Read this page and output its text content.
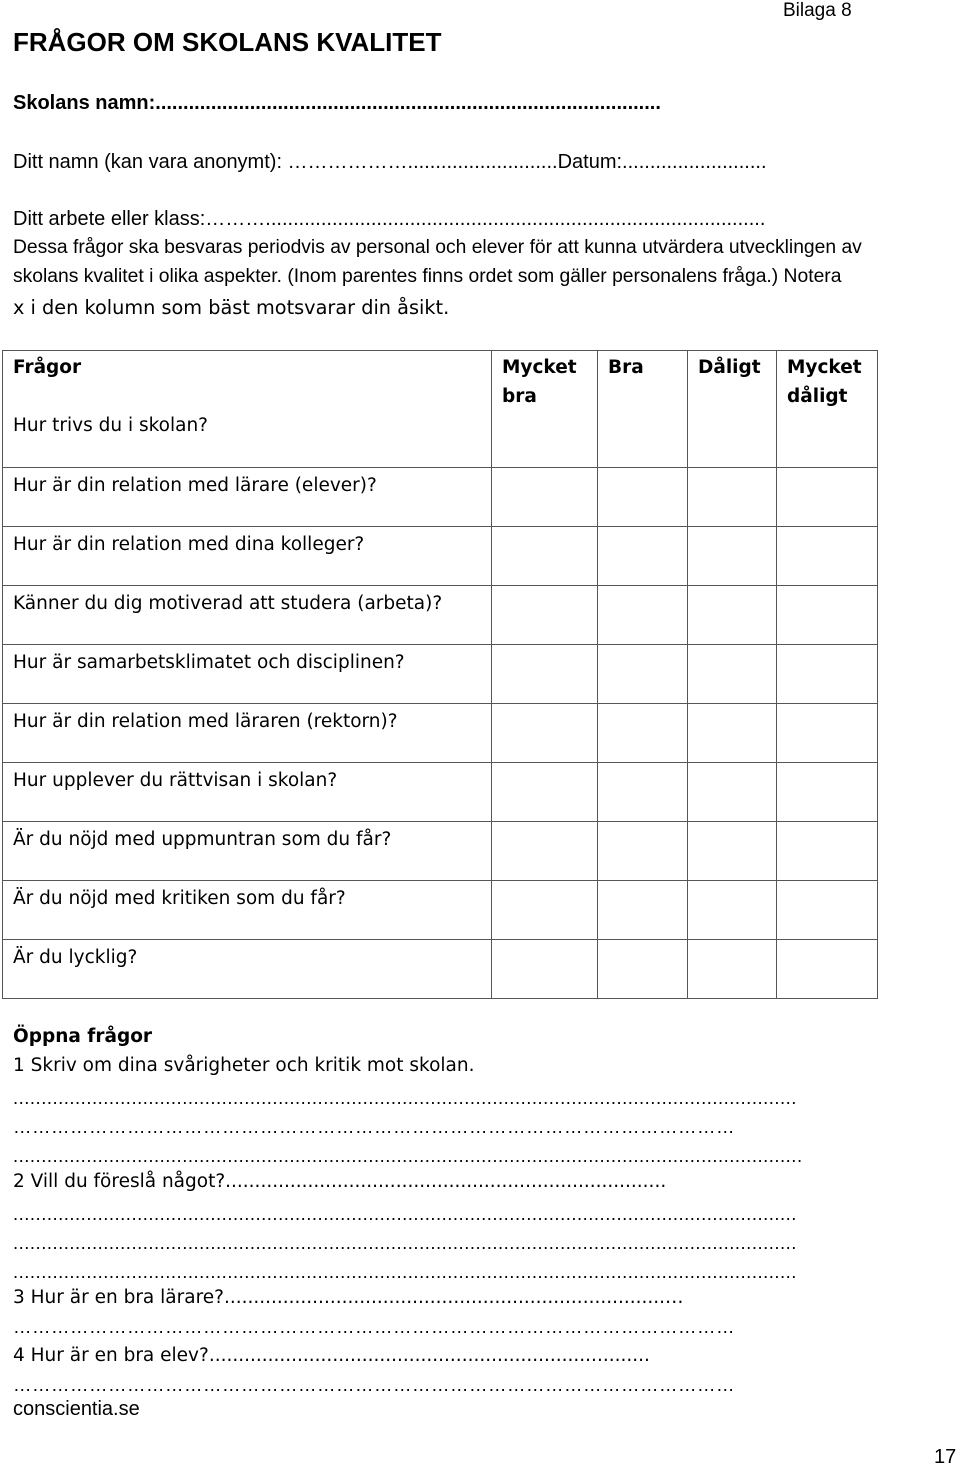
Bilaga 8
FRÅGOR OM SKOLANS KVALITET
Skolans namn:...........................................................................................
Ditt namn (kan vara anonymt): ………………...........................Datum:..........................
Ditt arbete eller klass:………..........................................................................................
Dessa frågor ska besvaras periodvis av personal och elever för att kunna utvärdera utvecklingen av
skolans kvalitet i olika aspekter. (Inom parentes finns ordet som gäller personalens fråga.) Notera
x i den kolumn som bäst motsvarar din åsikt.
Frågor
Hur trivs du i skolan?	Mycket
bra	Bra	Dåligt	Mycket
dåligt

Hur är din relation med lärare (elever)?				

Hur är din relation med dina kolleger?				

Känner du dig motiverad att studera (arbeta)?				

Hur är samarbetsklimatet och disciplinen?				

Hur är din relation med läraren (rektorn)?				

Hur upplever du rättvisan i skolan?				

Är du nöjd med uppmuntran som du får?				

Är du nöjd med kritiken som du får?				

Är du lycklig?				

Öppna frågor
1 Skriv om dina svårigheter och kritik mot skolan.
...........................................................................................................................................
……………………………………………………………………………………………………
............................................................................................................................................
2 Vill du föreslå något?...........................................................................
...........................................................................................................................................
...........................................................................................................................................
...........................................................................................................................................
3 Hur är en bra lärare?...........................................................................…
……………………………………………………………………………………………………
4 Hur är en bra elev?...........................................................................
……………………………………………………………………………………………………
conscientia.se
17
